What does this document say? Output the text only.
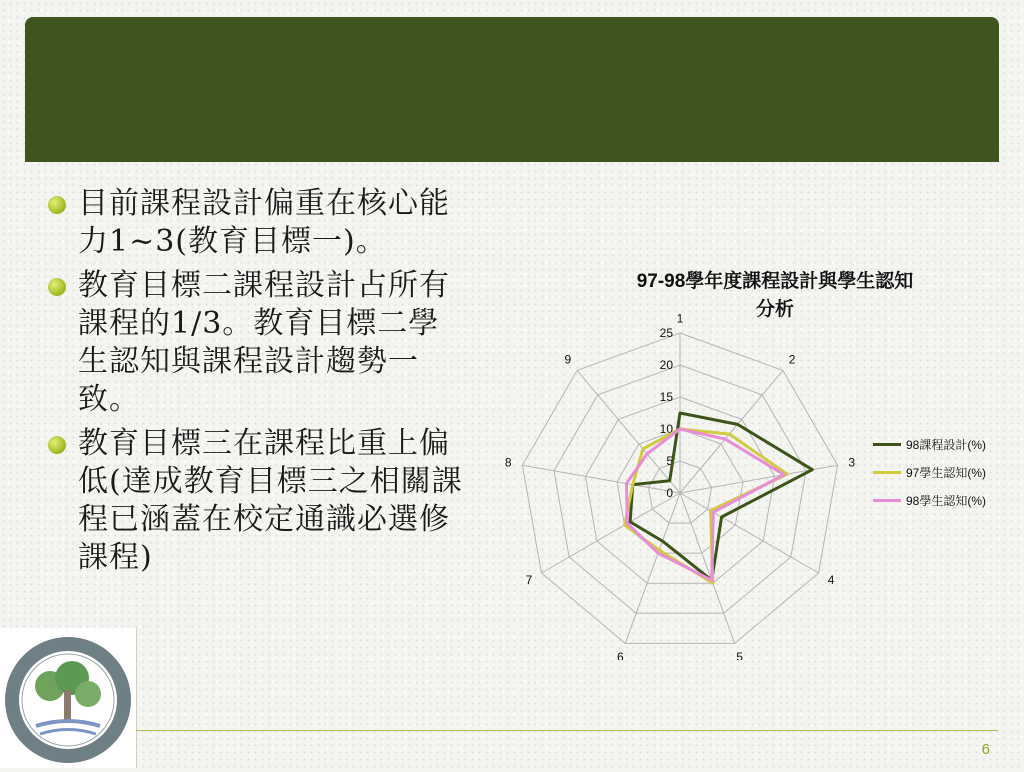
目前課程設計偏重在核心能力1~3(教育目標一)。
教育目標二課程設計占所有課程的1/3。教育目標二學生認知與課程設計趨勢一致。
教育目標三在課程比重上偏低(達成教育目標三之相關課程已涵蓋在校定通識必選修課程)
97-98學年度課程設計與學生認知
分析
1
2
3
4
5
6
7
8
9
0
5
10
15
20
25
98課程設計(%)
97學生認知(%)
98學生認知(%)
6
